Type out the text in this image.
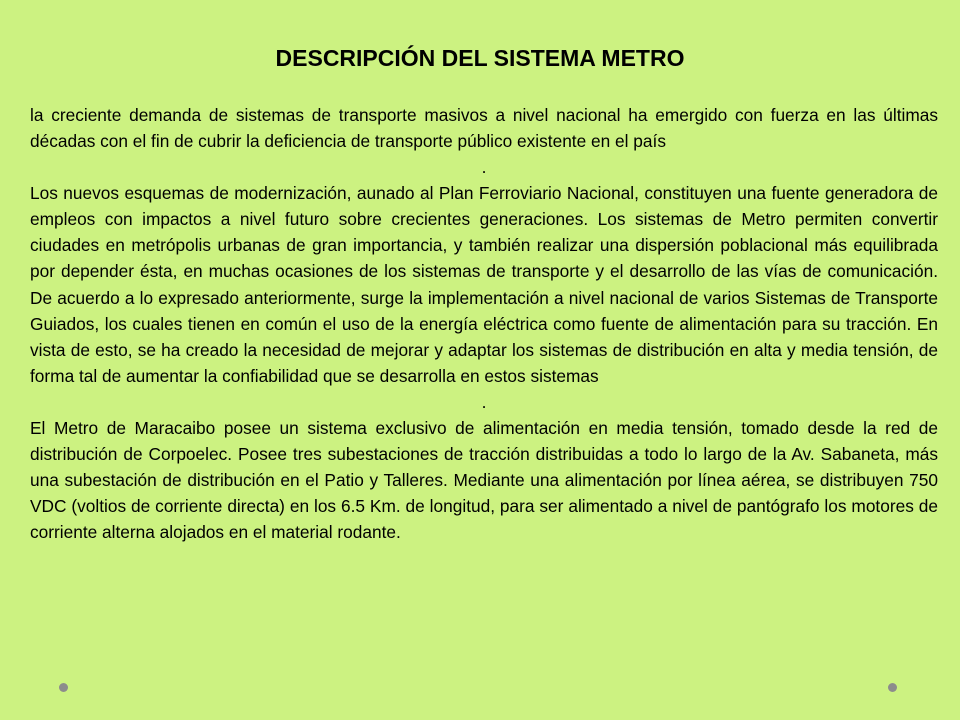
DESCRIPCIÓN DEL SISTEMA METRO

la creciente demanda de sistemas de transporte masivos a nivel nacional ha emergido con fuerza en las últimas décadas con el fin de cubrir la deficiencia de transporte público existente en el país

.

Los nuevos esquemas de modernización, aunado al Plan Ferroviario Nacional, constituyen una fuente generadora de empleos con impactos a nivel futuro sobre crecientes generaciones. Los sistemas de Metro permiten convertir ciudades en metrópolis urbanas de gran importancia, y también realizar una dispersión poblacional más equilibrada por depender ésta, en muchas ocasiones de los sistemas de transporte y el desarrollo de las vías de comunicación. De acuerdo a lo expresado anteriormente, surge la implementación a nivel nacional de varios Sistemas de Transporte Guiados, los cuales tienen en común el uso de la energía eléctrica como fuente de alimentación para su tracción. En vista de esto, se ha creado la necesidad de mejorar y adaptar los sistemas de distribución en alta y media tensión, de forma tal de aumentar la confiabilidad que se desarrolla en estos sistemas

.

El Metro de Maracaibo posee un sistema exclusivo de alimentación en media tensión, tomado desde la red de distribución de Corpoelec. Posee tres subestaciones de tracción distribuidas a todo lo largo de la Av. Sabaneta, más una subestación de distribución en el Patio y Talleres. Mediante una alimentación por línea aérea, se distribuyen 750 VDC (voltios de corriente directa) en los 6.5 Km. de longitud, para ser alimentado a nivel de pantógrafo los motores de corriente alterna alojados en el material rodante.
